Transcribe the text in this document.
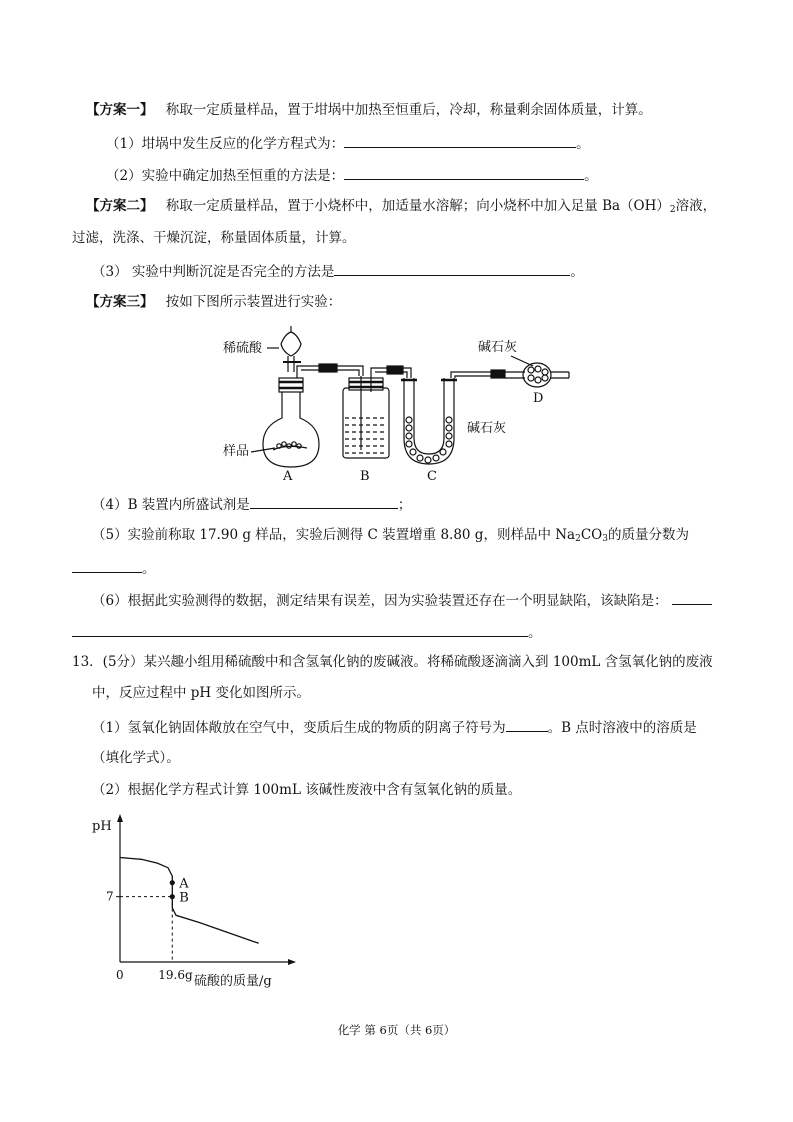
【方案一】 称取一定质量样品，置于坩埚中加热至恒重后，冷却，称量剩余固体质量，计算。
（1）坩埚中发生反应的化学方程式为：	。
（2）实验中确定加热至恒重的方法是：	。
【方案二】 称取一定质量样品，置于小烧杯中，加适量水溶解；向小烧杯中加入足量 $Ba(OH)_2$溶液，
过滤，洗涤、干燥沉淀，称量固体质量，计算。
（3） 实验中判断沉淀是否完全的方法是	。
【方案三】 按如下图所示装置进行实验：
稀硫酸
样品
碱石灰
碱石灰
A	B	C
D
（4）B 装置内所盛试剂是	；
（5）实验前称取 17.90 g 样品，实验后测得 C 装置增重 8.80 g，则样品中 $Na_2CO_3$的质量分数为
。
（6）根据此实验测得的数据，测定结果有误差，因为实验装置还存在一个明显缺陷，该缺陷是：
。
13．(5分）某兴趣小组用稀硫酸中和含氢氧化钠的废碱液。将稀硫酸逐滴滴入到 100mL 含氢氧化钠的废液
中，反应过程中 pH 变化如图所示。
（1）氢氧化钠固体敞放在空气中，变质后生成的物质的阴离子符号为	。B 点时溶液中的溶质是
（填化学式）。
（2）根据化学方程式计算 100mL 该碱性废液中含有氢氧化钠的质量。
pH
硫酸的质量/g
0
7
19.6g
A
B
化学 第 6页（共 6页）
